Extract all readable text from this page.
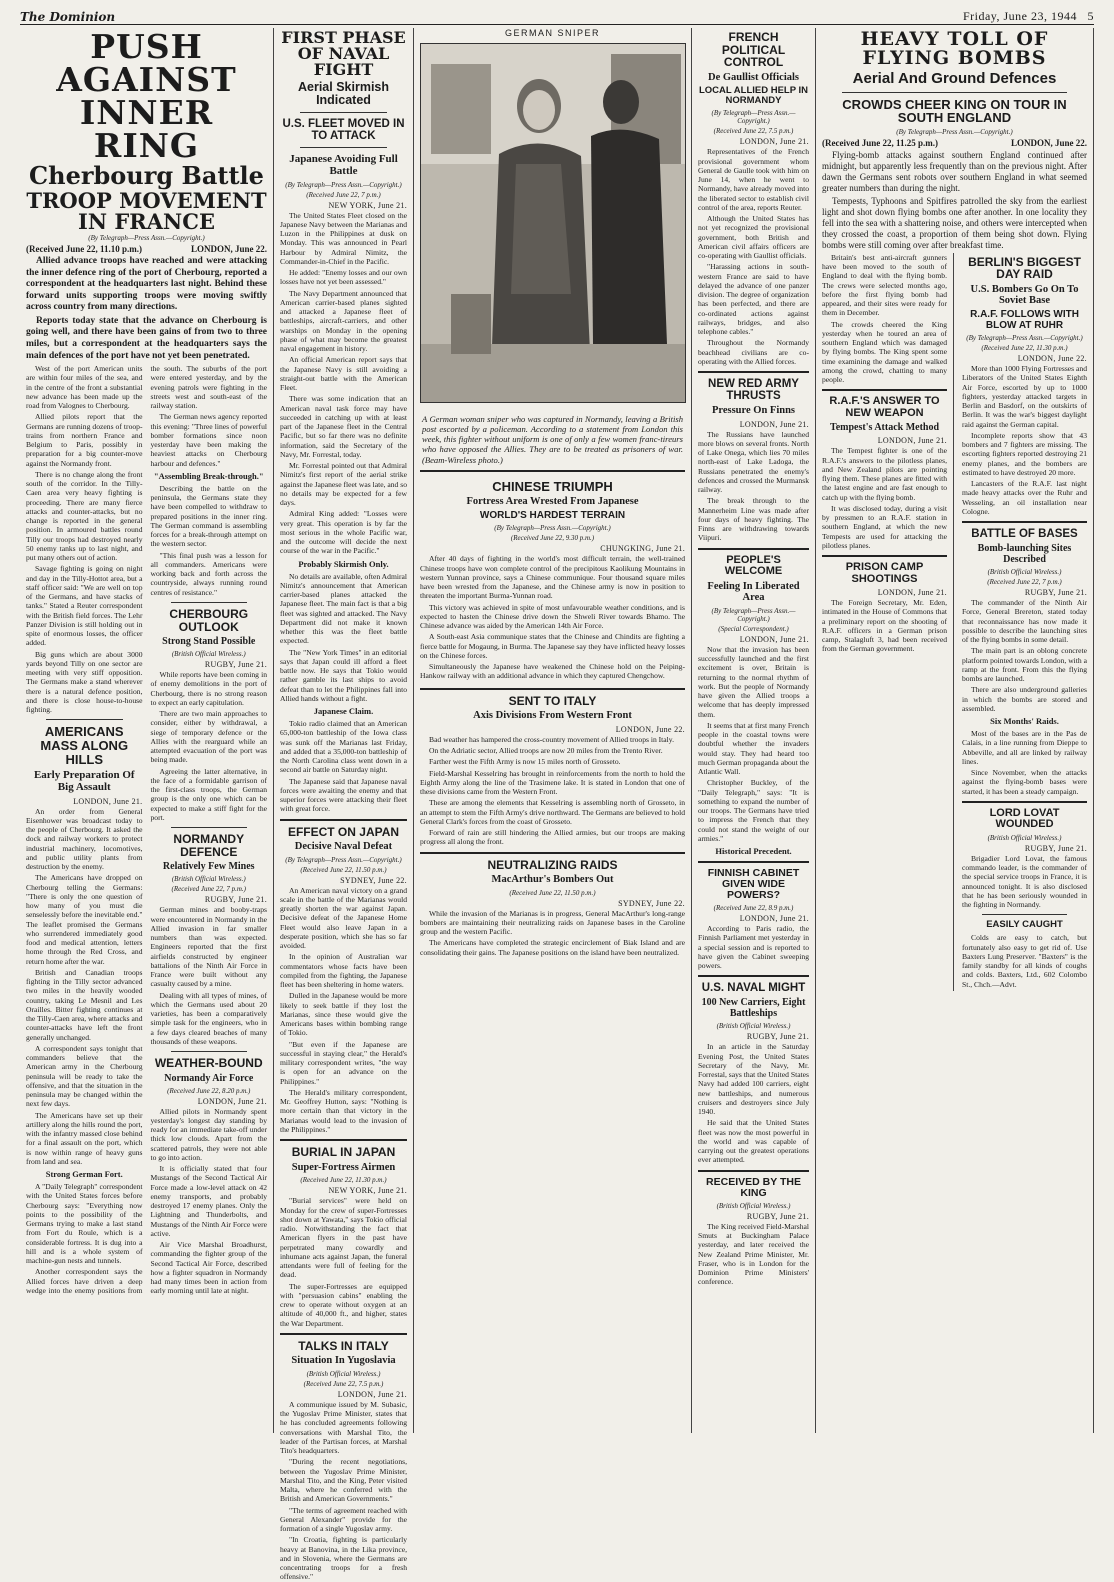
The Dominion	Friday, June 23, 1944 5
PUSH AGAINST
INNER RING
Cherbourg Battle
TROOP MOVEMENT IN FRANCE
(By Telegraph—Press Assn.—Copyright.)
(Received June 22, 11.10 p.m.)	LONDON, June 22.

Allied advance troops have reached and were attacking the inner defence ring of the port of Cherbourg, reported a correspondent at the headquarters last night. Behind these forward units supporting troops were moving swiftly across country from many directions.

Reports today state that the advance on Cherbourg is going well, and there have been gains of from two to three miles, but a correspondent at the headquarters says the main defences of the port have not yet been penetrated.

West of the port American units are within four miles of the sea, and in the centre of the front a substantial new advance has been made up the road from Valognes to Cherbourg.

Allied pilots report that the Germans are running dozens of troop-trains from northern France and Belgium to Paris, possibly in preparation for a big counter-move against the Normandy front.

There is no change along the front south of the corridor. In the Tilly-Caen area very heavy fighting is proceeding. There are many fierce attacks and counter-attacks, but no change is reported in the general position. In armoured battles round Tilly our troops had destroyed nearly 50 enemy tanks up to last night, and put many others out of action.

Savage fighting is going on night and day in the Tilly-Hottot area, but a staff officer said: "We are well on top of the Germans, and have stacks of tanks." Stated a Reuter correspondent with the British field forces. The Lehr Panzer Division is still holding out in spite of enormous losses, the officer added.

Big guns which are about 3000 yards beyond Tilly on one sector are meeting with very stiff opposition. The Germans make a stand wherever there is a natural defence position, and there is close house-to-house fighting.

AMERICANS MASS ALONG HILLS
Early Preparation Of Big Assault
LONDON, June 21.

An order from General Eisenhower was broadcast today to the people of Cherbourg. It asked the dock and railway workers to protect industrial machinery, locomotives, and public utility plants from destruction by the enemy.

The Americans have dropped on Cherbourg telling the Germans: "There is only the one question of how many of you must die senselessly before the inevitable end." The leaflet promised the Germans who surrendered immediately good food and medical attention, letters home through the Red Cross, and return home after the war.

British and Canadian troops fighting in the Tilly sector advanced two miles in the heavily wooded country, taking Le Mesnil and Les Orailles. Bitter fighting continues at the Tilly-Caen area, where attacks and counter-attacks have left the front generally unchanged.

A correspondent says tonight that commanders believe that the American army in the Cherbourg peninsula will be ready to take the offensive, and that the situation in the peninsula may be changed within the next few days.

The Americans have set up their artillery along the hills round the port, with the infantry massed close behind for a final assault on the port, which is now within range of heavy guns from land and sea.

Strong German Fort.

A "Daily Telegraph" correspondent with the United States forces before Cherbourg says: "Everything now points to the possibility of the Germans trying to make a last stand from Fort du Roule, which is a considerable fortress. It is dug into a hill and is a whole system of machine-gun nests and tunnels.

Another correspondent says the Allied forces have driven a deep wedge into the enemy positions from the south. The suburbs of the port were entered yesterday, and by the evening patrols were fighting in the streets west and south-east of the railway station.

The German news agency reported this evening: "Three lines of powerful bomber formations since noon yesterday have been making the heaviest attacks on Cherbourg harbour and defences."

"Assembling Break-through."

Describing the battle on the peninsula, the Germans state they have been compelled to withdraw to prepared positions in the inner ring. The German command is assembling forces for a break-through attempt on the western sector.

"This final push was a lesson for all commanders. Americans were working back and forth across the countryside, always running round centres of resistance."

CHERBOURG OUTLOOK
Strong Stand Possible
(British Official Wireless.)
RUGBY, June 21.

While reports have been coming in of enemy demolitions in the port of Cherbourg, there is no strong reason to expect an early capitulation.

There are two main approaches to consider, either by withdrawal, a siege of temporary defence or the Allies with the rearguard while an attempted evacuation of the port was being made.

Agreeing the latter alternative, in the face of a formidable garrison of the first-class troops, the German group is the only one which can be expected to make a stiff fight for the port.

NORMANDY DEFENCE
Relatively Few Mines
(British Official Wireless.)
(Received June 22, 7 p.m.)
RUGBY, June 21.

German mines and booby-traps were encountered in Normandy in the Allied invasion in far smaller numbers than was expected. Engineers reported that the first airfields constructed by engineer battalions of the Ninth Air Force in France were built without any casualty caused by a mine.

Dealing with all types of mines, of which the Germans used about 20 varieties, has been a comparatively simple task for the engineers, who in a few days cleared beaches of many thousands of these weapons.

WEATHER-BOUND
Normandy Air Force
(Received June 22, 8.20 p.m.)
LONDON, June 21.

Allied pilots in Normandy spent yesterday's longest day standing by ready for an immediate take-off under thick low clouds. Apart from the scattered patrols, they were not able to go into action.

It is officially stated that four Mustangs of the Second Tactical Air Force made a low-level attack on 42 enemy transports, and probably destroyed 17 enemy planes. Only the Lightning and Thunderbolts, and Mustangs of the Ninth Air Force were active.

Air Vice Marshal Broadhurst, commanding the fighter group of the Second Tactical Air Force, described how a fighter squadron in Normandy had many times been in action from early morning until late at night.

FIRST PHASE OF NAVAL FIGHT
Aerial Skirmish Indicated
U.S. FLEET MOVED IN TO ATTACK
Japanese Avoiding Full Battle
(By Telegraph—Press Assn.—Copyright.)
(Received June 22, 7 p.m.)
NEW YORK, June 21.

The United States Fleet closed on the Japanese Navy between the Marianas and Luzon in the Philippines at dusk on Monday. This was announced in Pearl Harbour by Admiral Nimitz, the Commander-in-Chief in the Pacific.

He added: "Enemy losses and our own losses have not yet been assessed."

The Navy Department announced that American carrier-based planes sighted and attacked a Japanese fleet of battleships, aircraft-carriers, and other warships on Monday in the opening phase of what may become the greatest naval engagement in history.

An official American report says that the Japanese Navy is still avoiding a straight-out battle with the American Fleet.

There was some indication that an American naval task force may have succeeded in catching up with at least part of the Japanese fleet in the Central Pacific, but so far there was no definite information, said the Secretary of the Navy, Mr. Forrestal, today.

Mr. Forrestal pointed out that Admiral Nimitz's first report of the aerial strike against the Japanese fleet was late, and so no details may be expected for a few days.

Admiral King added: "Losses were very great. This operation is by far the most serious in the whole Pacific war, and the outcome will decide the next course of the war in the Pacific."

Probably Skirmish Only.

No details are available, often Admiral Nimitz's announcement that American carrier-based planes attacked the Japanese fleet. The main fact is that a big fleet was sighted and attacked. The Navy Department did not make it known whether this was the fleet battle expected.

The "New York Times" in an editorial says that Japan could ill afford a fleet battle now. He says that Tokio would rather gamble its last ships to avoid defeat than to let the Philippines fall into Allied hands without a fight.

Japanese Claim.

Tokio radio claimed that an American 65,000-ton battleship of the Iowa class was sunk off the Marianas last Friday, and added that a 35,000-ton battleship of the North Carolina class went down in a second air battle on Saturday night.

The Japanese said that Japanese naval forces were awaiting the enemy and that superior forces were attacking their fleet with great force.

EFFECT ON JAPAN
Decisive Naval Defeat
(By Telegraph—Press Assn.—Copyright.)
(Received June 22, 11.50 p.m.)
SYDNEY, June 22.

An American naval victory on a grand scale in the battle of the Marianas would greatly shorten the war against Japan. Decisive defeat of the Japanese Home Fleet would also leave Japan in a desperate position, which she has so far avoided.

In the opinion of Australian war commentators whose facts have been compiled from the fighting, the Japanese fleet has been sheltering in home waters.

Dulled in the Japanese would be more likely to seek battle if they lost the Marianas, since these would give the Americans bases within bombing range of Tokio.

"But even if the Japanese are successful in staying clear," the Herald's military correspondent writes, "the way is open for an advance on the Philippines."

The Herald's military correspondent, Mr. Geoffrey Hutton, says: "Nothing is more certain than that victory in the Marianas would lead to the invasion of the Philippines."

BURIAL IN JAPAN
Super-Fortress Airmen
(Received June 22, 11.30 p.m.)
NEW YORK, June 21.

"Burial services" were held on Monday for the crew of super-Fortresses shot down at Yawata," says Tokio official radio. Notwithstanding the fact that American flyers in the past have perpetrated many cowardly and inhumane acts against Japan, the funeral attendants were full of feeling for the dead.

The super-Fortresses are equipped with "persuasion cabins" enabling the crew to operate without oxygen at an altitude of 40,000 ft., and higher, states the War Department.

TALKS IN ITALY
Situation In Yugoslavia
(British Official Wireless.)
(Received June 22, 7.5 p.m.)
LONDON, June 21.

A communique issued by M. Subasic, the Yugoslav Prime Minister, states that he has concluded agreements following conversations with Marshal Tito, the leader of the Partisan forces, at Marshal Tito's headquarters.

"During the recent negotiations, between the Yugoslav Prime Minister, Marshal Tito, and the King, Peter visited Malta, where he conferred with the British and American Governments."

"The terms of agreement reached with General Alexander" provide for the formation of a single Yugoslav army.

"In Croatia, fighting is particularly heavy at Banovina, in the Lika province, and in Slovenia, where the Germans are concentrating troops for a fresh offensive."

GERMAN SNIPER

A German woman sniper who was captured in Normandy, leaving a British post escorted by a policeman. According to a statement from London this week, this fighter without uniform is one of only a few women franc-tireurs who have opposed the Allies. They are to be treated as prisoners of war. (Beam-Wireless photo.)

CHINESE TRIUMPH
Fortress Area Wrested From Japanese
WORLD'S HARDEST TERRAIN
(By Telegraph—Press Assn.—Copyright.)
(Received June 22, 9.30 p.m.)
CHUNGKING, June 21.

After 40 days of fighting in the world's most difficult terrain, the well-trained Chinese troops have won complete control of the precipitous Kaolikung Mountains in western Yunnan province, says a Chinese communique. Four thousand square miles have been wrested from the Japanese, and the Chinese army is now in position to threaten the important Burma-Yunnan road.

This victory was achieved in spite of most unfavourable weather conditions, and is expected to hasten the Chinese drive down the Shweli River towards Bhamo. The Chinese advance was aided by the American 14th Air Force.

A South-east Asia communique states that the Chinese and Chindits are fighting a fierce battle for Mogaung, in Burma. The Japanese say they have inflicted heavy losses on the Chinese forces.

Simultaneously the Japanese have weakened the Chinese hold on the Peiping-Hankow railway with an additional advance in which they captured Chengchow.

SENT TO ITALY
Axis Divisions From Western Front
LONDON, June 22.

Bad weather has hampered the cross-country movement of Allied troops in Italy.

On the Adriatic sector, Allied troops are now 20 miles from the Trento River.

Farther west the Fifth Army is now 15 miles north of Grosseto.

Field-Marshal Kesselring has brought in reinforcements from the north to hold the Eighth Army along the line of the Trasimene lake. It is stated in London that one of these divisions came from the Western Front.

These are among the elements that Kesselring is assembling north of Grosseto, in an attempt to stem the Fifth Army's drive northward. The Germans are believed to hold General Clark's forces from the coast of Grosseto.

Forward of rain are still hindering the Allied armies, but our troops are making progress all along the front.

NEUTRALIZING RAIDS
MacArthur's Bombers Out
(Received June 22, 11.50 p.m.)
SYDNEY, June 22.

While the invasion of the Marianas is in progress, General MacArthur's long-range bombers are maintaining their neutralizing raids on Japanese bases in the Caroline group and the western Pacific.

The Americans have completed the strategic encirclement of Biak Island and are consolidating their gains. The Japanese positions on the island have been neutralized.

FRENCH POLITICAL CONTROL
De Gaullist Officials
LOCAL ALLIED HELP IN NORMANDY
(By Telegraph—Press Assn.—Copyright.)
(Received June 22, 7.5 p.m.)
LONDON, June 21.

Representatives of the French provisional government whom General de Gaulle took with him on June 14, when he went to Normandy, have already moved into the liberated sector to establish civil control of the area, reports Reuter.

Although the United States has not yet recognized the provisional government, both British and American civil affairs officers are co-operating with Gaullist officials.

"Harassing actions in south-western France are said to have delayed the advance of one panzer division. The degree of organization has been perfected, and there are co-ordinated actions against railways, bridges, and also telephone cables."

Throughout the Normandy beachhead civilians are co-operating with the Allied forces.

NEW RED ARMY THRUSTS
Pressure On Finns
LONDON, June 21.

The Russians have launched more blows on several fronts. North of Lake Onega, which lies 70 miles north-east of Lake Ladoga, the Russians penetrated the enemy's defences and crossed the Murmansk railway.

The break through to the Mannerheim Line was made after four days of heavy fighting. The Finns are withdrawing towards Viipuri.

PEOPLE'S WELCOME
Feeling In Liberated Area
(By Telegraph—Press Assn.—Copyright.)
(Special Correspondent.)
LONDON, June 21.

Now that the invasion has been successfully launched and the first excitement is over, Britain is returning to the normal rhythm of work. But the people of Normandy have given the Allied troops a welcome that has deeply impressed them.

It seems that at first many French people in the coastal towns were doubtful whether the invaders would stay. They had heard too much German propaganda about the Atlantic Wall.

Christopher Buckley, of the "Daily Telegraph," says: "It is something to expand the number of our troops. The Germans have tried to impress the French that they could not stand the weight of our armies."

Historical Precedent.
FINNISH CABINET GIVEN WIDE POWERS?
(Received June 22, 8.9 p.m.)
LONDON, June 21.

According to Paris radio, the Finnish Parliament met yesterday in a special session and is reported to have given the Cabinet sweeping powers.

U.S. NAVAL MIGHT
100 New Carriers, Eight Battleships
(British Official Wireless.)
RUGBY, June 21.

In an article in the Saturday Evening Post, the United States Secretary of the Navy, Mr. Forrestal, says that the United States Navy had added 100 carriers, eight new battleships, and numerous cruisers and destroyers since July 1940.

He said that the United States fleet was now the most powerful in the world and was capable of carrying out the greatest operations ever attempted.

RECEIVED BY THE KING
(British Official Wireless.)
RUGBY, June 21.

The King received Field-Marshal Smuts at Buckingham Palace yesterday, and later received the New Zealand Prime Minister, Mr. Fraser, who is in London for the Dominion Prime Ministers' conference.

HEAVY TOLL OF FLYING BOMBS
Aerial And Ground Defences
CROWDS CHEER KING ON TOUR IN SOUTH ENGLAND
(By Telegraph—Press Assn.—Copyright.)
(Received June 22, 11.25 p.m.)	LONDON, June 22.

Flying-bomb attacks against southern England continued after midnight, but apparently less frequently than on the previous night. After dawn the Germans sent robots over southern England in what seemed greater numbers than during the night.

Tempests, Typhoons and Spitfires patrolled the sky from the earliest light and shot down flying bombs one after another. In one locality they fell into the sea with a shattering noise, and others were intercepted when they crossed the coast, a proportion of them being shot down. Flying bombs were still coming over after breakfast time.

Britain's best anti-aircraft gunners have been moved to the south of England to deal with the flying bomb. The crews were selected months ago, before the first flying bomb had appeared, and their sites were ready for them in December.

The crowds cheered the King yesterday when he toured an area of southern England which was damaged by flying bombs. The King spent some time examining the damage and walked among the crowd, chatting to many people.

R.A.F.'S ANSWER TO NEW WEAPON
Tempest's Attack Method
LONDON, June 21.

The Tempest fighter is one of the R.A.F.'s answers to the pilotless planes, and New Zealand pilots are pointing flying them. These planes are fitted with the latest engine and are fast enough to catch up with the flying bomb.

It was disclosed today, during a visit by pressmen to an R.A.F. station in southern England, at which the new Tempests are used for attacking the pilotless planes.

PRISON CAMP SHOOTINGS
LONDON, June 21.

The Foreign Secretary, Mr. Eden, intimated in the House of Commons that a preliminary report on the shooting of R.A.F. officers in a German prison camp, Stalagluft 3, had been received from the German government.

BERLIN'S BIGGEST DAY RAID
U.S. Bombers Go On To Soviet Base
R.A.F. FOLLOWS WITH BLOW AT RUHR
(By Telegraph—Press Assn.—Copyright.)
(Received June 22, 11.30 p.m.)
LONDON, June 22.

More than 1000 Flying Fortresses and Liberators of the United States Eighth Air Force, escorted by up to 1000 fighters, yesterday attacked targets in Berlin and Basdorf, on the outskirts of Berlin. It was the war's biggest daylight raid against the German capital.

Incomplete reports show that 43 bombers and 7 fighters are missing. The escorting fighters reported destroying 21 enemy planes, and the bombers are estimated to have destroyed 20 more.

Lancasters of the R.A.F. last night made heavy attacks over the Ruhr and Wesseling, an oil installation near Cologne.

BATTLE OF BASES
Bomb-launching Sites Described
(British Official Wireless.)
(Received June 22, 7 p.m.)
RUGBY, June 21.

The commander of the Ninth Air Force, General Brereton, stated today that reconnaissance has now made it possible to describe the launching sites of the flying bombs in some detail.

The main part is an oblong concrete platform pointed towards London, with a ramp at the front. From this the flying bombs are launched.

There are also underground galleries in which the bombs are stored and assembled.

Six Months' Raids.

Most of the bases are in the Pas de Calais, in a line running from Dieppe to Abbeville, and all are linked by railway lines.

Since November, when the attacks against the flying-bomb bases were started, it has been a steady campaign.

LORD LOVAT WOUNDED
(British Official Wireless.)
RUGBY, June 21.

Brigadier Lord Lovat, the famous commando leader, is the commander of the special service troops in France, it is announced tonight. It is also disclosed that he has been seriously wounded in the fighting in Normandy.

EASILY CAUGHT

Colds are easy to catch, but fortunately also easy to get rid of. Use Baxters Lung Preserver. "Baxters" is the family standby for all kinds of coughs and colds. Baxters, Ltd., 602 Colombo St., Chch.—Advt.
